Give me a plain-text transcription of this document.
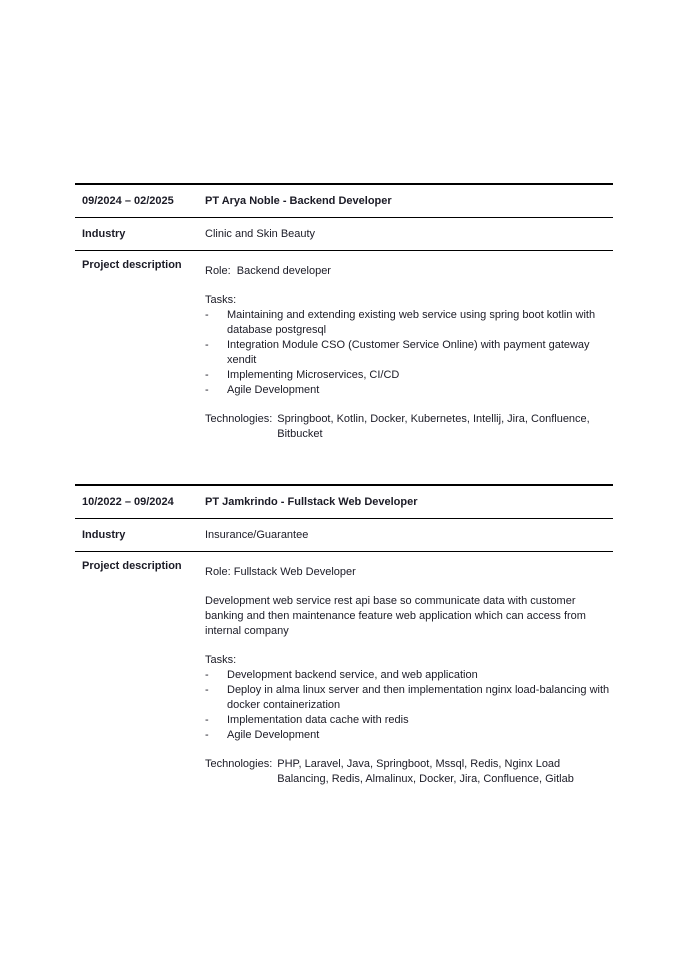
09/2024 – 02/2025	PT Arya Noble - Backend Developer
Industry	Clinic and Skin Beauty
Project description	Role:  Backend developer

Tasks:

-	Maintaining and extending existing web service using spring boot kotlin with database postgresql
-	Integration Module CSO (Customer Service Online) with payment gateway xendit
-	Implementing Microservices, CI/CD
-	Agile Development

Technologies: Springboot, Kotlin, Docker, Kubernetes, Intellij, Jira, Confluence, Bitbucket

10/2022 – 09/2024	PT Jamkrindo - Fullstack Web Developer
Industry	Insurance/Guarantee
Project description	Role: Fullstack Web Developer

Development web service rest api base so communicate data with customer banking and then maintenance feature web application which can access from internal company

Tasks:

-	Development backend service, and web application
-	Deploy in alma linux server and then implementation nginx load-balancing with docker containerization
-	Implementation data cache with redis
-	Agile Development

Technologies: PHP, Laravel, Java, Springboot, Mssql, Redis, Nginx Load Balancing, Redis, Almalinux, Docker, Jira, Confluence, Gitlab
